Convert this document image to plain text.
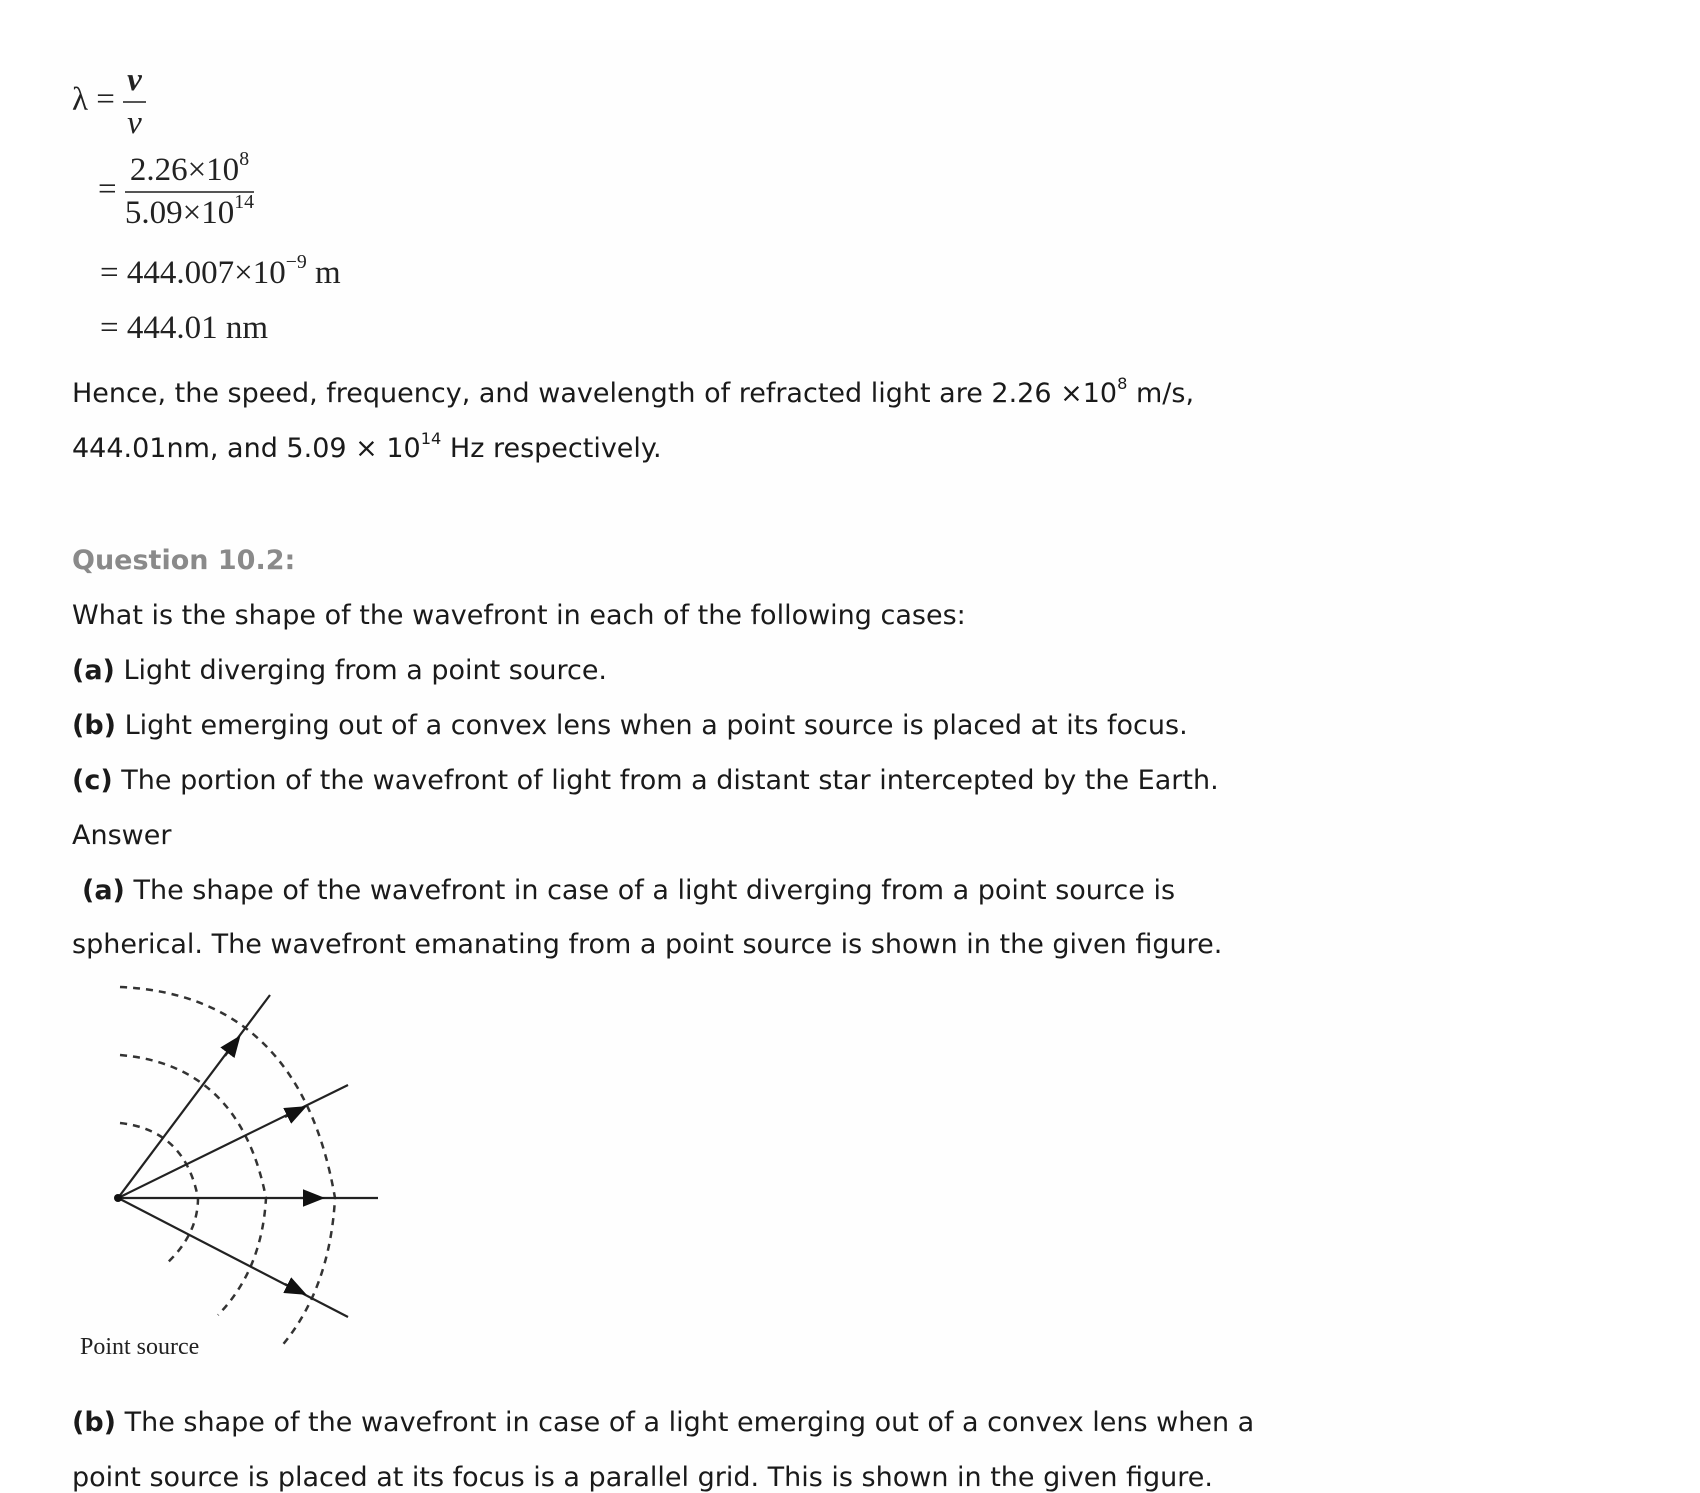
$\lambda = \frac{v}{\nu}$
= $\frac{2.26\times 10^8}{5.09\times 10^{14}}$
= $444.007\times 10^{-9}$ m
= 444.01 nm
Hence, the speed, frequency, and wavelength of refracted light are $2.26 \times 10^8$ m/s,
444.01nm, and $5.09 \times 10^{14}$ Hz respectively.
Question 10.2:
What is the shape of the wavefront in each of the following cases:
(a) Light diverging from a point source.
(b) Light emerging out of a convex lens when a point source is placed at its focus.
(c) The portion of the wavefront of light from a distant star intercepted by the Earth.
Answer
(a) The shape of the wavefront in case of a light diverging from a point source is
spherical. The wavefront emanating from a point source is shown in the given figure.
Point source
(b) The shape of the wavefront in case of a light emerging out of a convex lens when a
point source is placed at its focus is a parallel grid. This is shown in the given figure.
